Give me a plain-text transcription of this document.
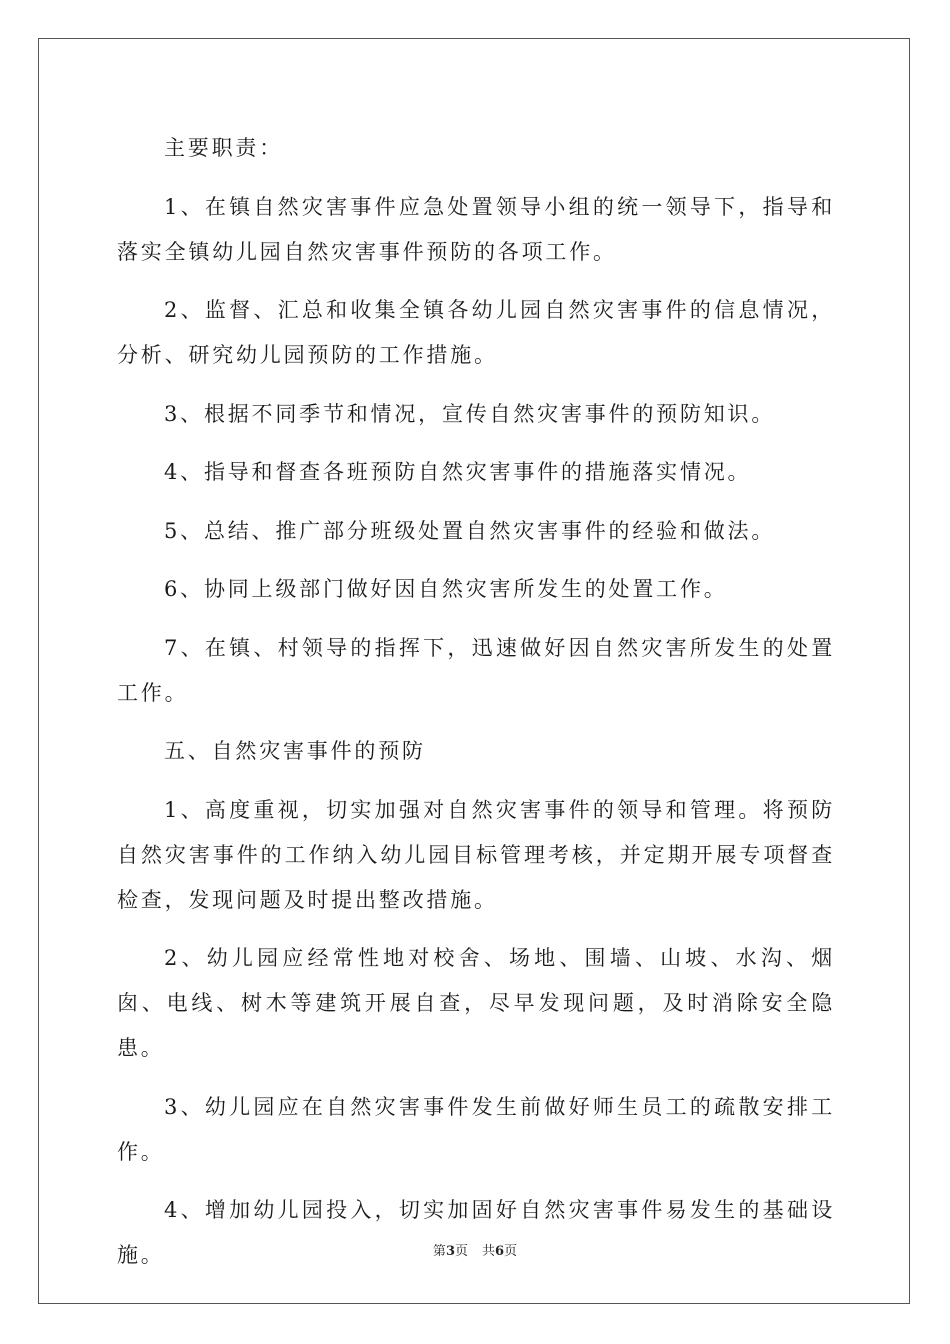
主要职责：

1、在镇自然灾害事件应急处置领导小组的统一领导下，指导和落实全镇幼儿园自然灾害事件预防的各项工作。

2、监督、汇总和收集全镇各幼儿园自然灾害事件的信息情况，分析、研究幼儿园预防的工作措施。

3、根据不同季节和情况，宣传自然灾害事件的预防知识。

4、指导和督查各班预防自然灾害事件的措施落实情况。

5、总结、推广部分班级处置自然灾害事件的经验和做法。

6、协同上级部门做好因自然灾害所发生的处置工作。

7、在镇、村领导的指挥下，迅速做好因自然灾害所发生的处置工作。

五、自然灾害事件的预防

1、高度重视，切实加强对自然灾害事件的领导和管理。将预防自然灾害事件的工作纳入幼儿园目标管理考核，并定期开展专项督查检查，发现问题及时提出整改措施。

2、幼儿园应经常性地对校舍、场地、围墙、山坡、水沟、烟囱、电线、树木等建筑开展自查，尽早发现问题，及时消除安全隐患。

3、幼儿园应在自然灾害事件发生前做好师生员工的疏散安排工作。

4、增加幼儿园投入，切实加固好自然灾害事件易发生的基础设施。	第3页 共6页
